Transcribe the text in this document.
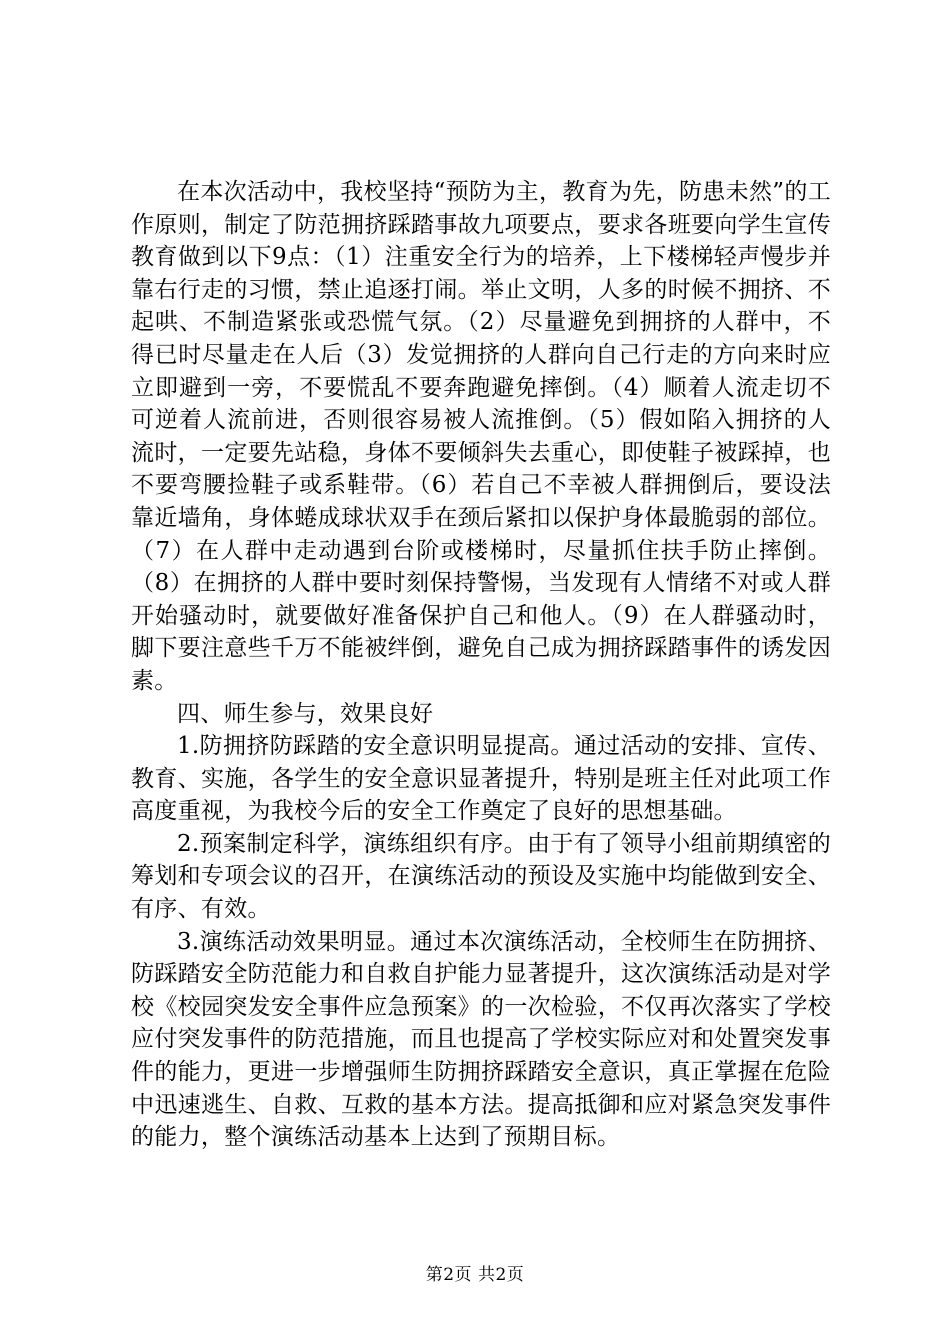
在本次活动中，我校坚持“预防为主，教育为先，防患未然”的工作原则，制定了防范拥挤踩踏事故九项要点，要求各班要向学生宣传教育做到以下9点：（1）注重安全行为的培养，上下楼梯轻声慢步并靠右行走的习惯，禁止追逐打闹。举止文明，人多的时候不拥挤、不起哄、不制造紧张或恐慌气氛。（2）尽量避免到拥挤的人群中，不得已时尽量走在人后（3）发觉拥挤的人群向自己行走的方向来时应立即避到一旁，不要慌乱不要奔跑避免摔倒。（4）顺着人流走切不可逆着人流前进，否则很容易被人流推倒。（5）假如陷入拥挤的人流时，一定要先站稳，身体不要倾斜失去重心，即使鞋子被踩掉，也不要弯腰捡鞋子或系鞋带。（6）若自己不幸被人群拥倒后，要设法靠近墙角，身体蜷成球状双手在颈后紧扣以保护身体最脆弱的部位。（7）在人群中走动遇到台阶或楼梯时，尽量抓住扶手防止摔倒。（8）在拥挤的人群中要时刻保持警惕，当发现有人情绪不对或人群开始骚动时，就要做好准备保护自己和他人。（9）在人群骚动时，脚下要注意些千万不能被绊倒，避免自己成为拥挤踩踏事件的诱发因素。

四、师生参与，效果良好

1.防拥挤防踩踏的安全意识明显提高。通过活动的安排、宣传、教育、实施，各学生的安全意识显著提升，特别是班主任对此项工作高度重视，为我校今后的安全工作奠定了良好的思想基础。

2.预案制定科学，演练组织有序。由于有了领导小组前期缜密的筹划和专项会议的召开，在演练活动的预设及实施中均能做到安全、有序、有效。

3.演练活动效果明显。通过本次演练活动，全校师生在防拥挤、防踩踏安全防范能力和自救自护能力显著提升，这次演练活动是对学校《校园突发安全事件应急预案》的一次检验，不仅再次落实了学校应付突发事件的防范措施，而且也提高了学校实际应对和处置突发事件的能力，更进一步增强师生防拥挤踩踏安全意识，真正掌握在危险中迅速逃生、自救、互救的基本方法。提高抵御和应对紧急突发事件的能力，整个演练活动基本上达到了预期目标。

第2页 共2页
